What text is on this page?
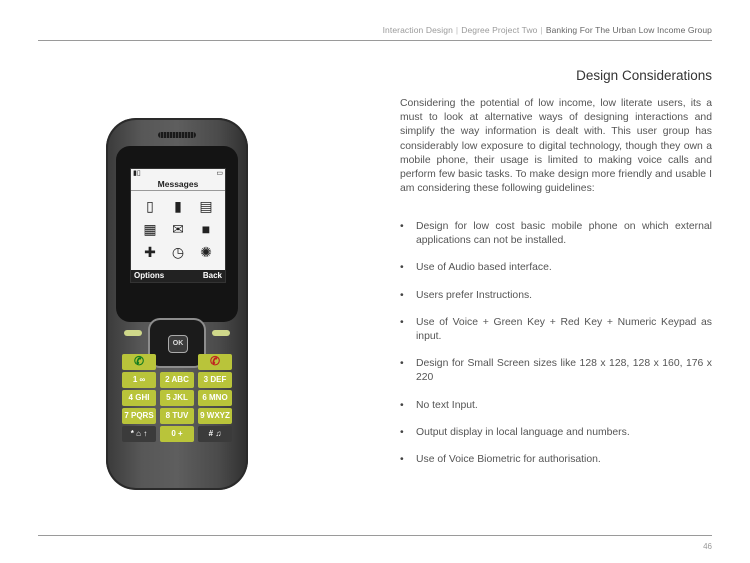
Interaction Design | Degree Project Two | Banking For The Urban Low Income Group
Design Considerations
Considering the potential of low income, low literate users, its a must to look at alternative ways of designing interactions and simplify the way information is dealt with. This user group has considerably low exposure to digital technology, though they own a mobile phone, their usage is limited to making voice calls and perform few basic tasks. To make design more friendly and usable I am considering these following guidelines:
• Design for low cost basic mobile phone on which external applications can not be installed.
• Use of Audio based interface.
• Users prefer Instructions.
• Use of Voice + Green Key + Red Key + Numeric Keypad as input.
• Design for Small Screen sizes like 128 x 128, 128 x 160, 176 x 220
• No text Input.
• Output display in local language and numbers.
• Use of Voice Biometric for authorisation.
▮▯	▭
Messages
▯ ▮ ▤
▦ ✉ ■
✚ ◷ ✺
Options	Back
OK
✆	✆
1 ∞	2 ABC	3 DEF
4 GHI	5 JKL	6 MNO
7 PQRS	8 TUV	9 WXYZ
* ⌂ ↑	0 +	# ♫
46
